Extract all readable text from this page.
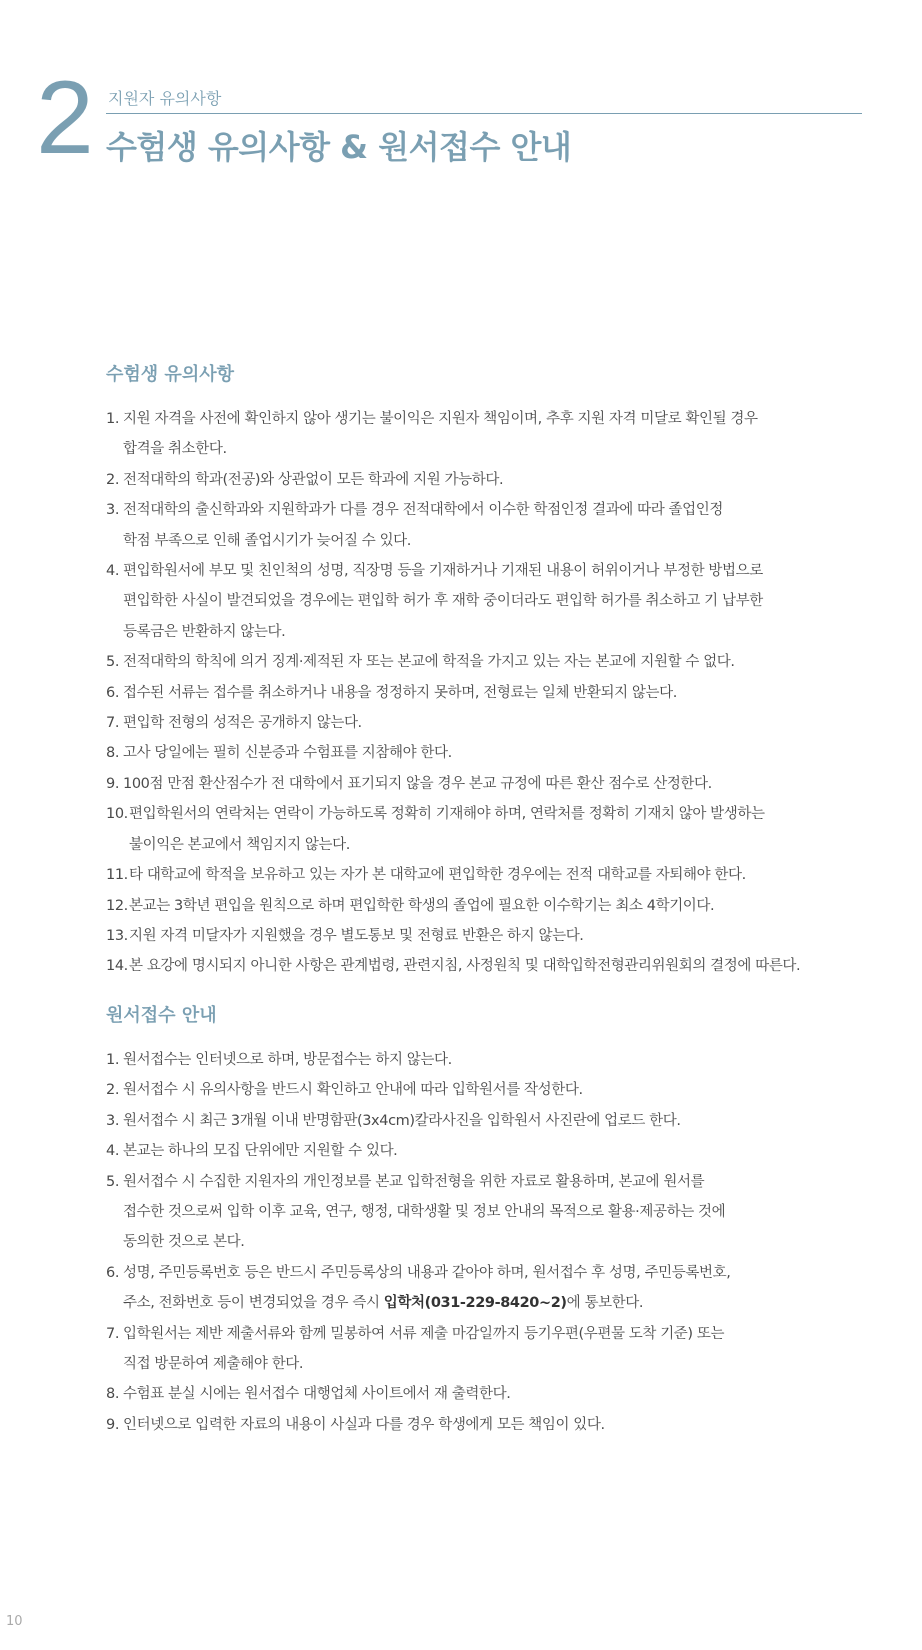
2 지원자 유의사항
수험생 유의사항 & 원서접수 안내
수험생 유의사항
1. 지원 자격을 사전에 확인하지 않아 생기는 불이익은 지원자 책임이며, 추후 지원 자격 미달로 확인될 경우
합격을 취소한다.
2. 전적대학의 학과(전공)와 상관없이 모든 학과에 지원 가능하다.
3. 전적대학의 출신학과와 지원학과가 다를 경우 전적대학에서 이수한 학점인정 결과에 따라 졸업인정
학점 부족으로 인해 졸업시기가 늦어질 수 있다.
4. 편입학원서에 부모 및 친인척의 성명, 직장명 등을 기재하거나 기재된 내용이 허위이거나 부정한 방법으로
편입학한 사실이 발견되었을 경우에는 편입학 허가 후 재학 중이더라도 편입학 허가를 취소하고 기 납부한
등록금은 반환하지 않는다.
5. 전적대학의 학칙에 의거 징계·제적된 자 또는 본교에 학적을 가지고 있는 자는 본교에 지원할 수 없다.
6. 접수된 서류는 접수를 취소하거나 내용을 정정하지 못하며, 전형료는 일체 반환되지 않는다.
7. 편입학 전형의 성적은 공개하지 않는다.
8. 고사 당일에는 필히 신분증과 수험표를 지참해야 한다.
9. 100점 만점 환산점수가 전 대학에서 표기되지 않을 경우 본교 규정에 따른 환산 점수로 산정한다.
10. 편입학원서의 연락처는 연락이 가능하도록 정확히 기재해야 하며, 연락처를 정확히 기재치 않아 발생하는
불이익은 본교에서 책임지지 않는다.
11. 타 대학교에 학적을 보유하고 있는 자가 본 대학교에 편입학한 경우에는 전적 대학교를 자퇴해야 한다.
12. 본교는 3학년 편입을 원칙으로 하며 편입학한 학생의 졸업에 필요한 이수학기는 최소 4학기이다.
13. 지원 자격 미달자가 지원했을 경우 별도통보 및 전형료 반환은 하지 않는다.
14. 본 요강에 명시되지 아니한 사항은 관계법령, 관련지침, 사정원칙 및 대학입학전형관리위원회의 결정에 따른다.
원서접수 안내
1. 원서접수는 인터넷으로 하며, 방문접수는 하지 않는다.
2. 원서접수 시 유의사항을 반드시 확인하고 안내에 따라 입학원서를 작성한다.
3. 원서접수 시 최근 3개월 이내 반명함판(3x4cm)칼라사진을 입학원서 사진란에 업로드 한다.
4. 본교는 하나의 모집 단위에만 지원할 수 있다.
5. 원서접수 시 수집한 지원자의 개인정보를 본교 입학전형을 위한 자료로 활용하며, 본교에 원서를
접수한 것으로써 입학 이후 교육, 연구, 행정, 대학생활 및 정보 안내의 목적으로 활용·제공하는 것에
동의한 것으로 본다.
6. 성명, 주민등록번호 등은 반드시 주민등록상의 내용과 같아야 하며, 원서접수 후 성명, 주민등록번호,
주소, 전화번호 등이 변경되었을 경우 즉시 입학처(031-229-8420~2)에 통보한다.
7. 입학원서는 제반 제출서류와 함께 밀봉하여 서류 제출 마감일까지 등기우편(우편물 도착 기준) 또는
직접 방문하여 제출해야 한다.
8. 수험표 분실 시에는 원서접수 대행업체 사이트에서 재 출력한다.
9. 인터넷으로 입력한 자료의 내용이 사실과 다를 경우 학생에게 모든 책임이 있다.
10
